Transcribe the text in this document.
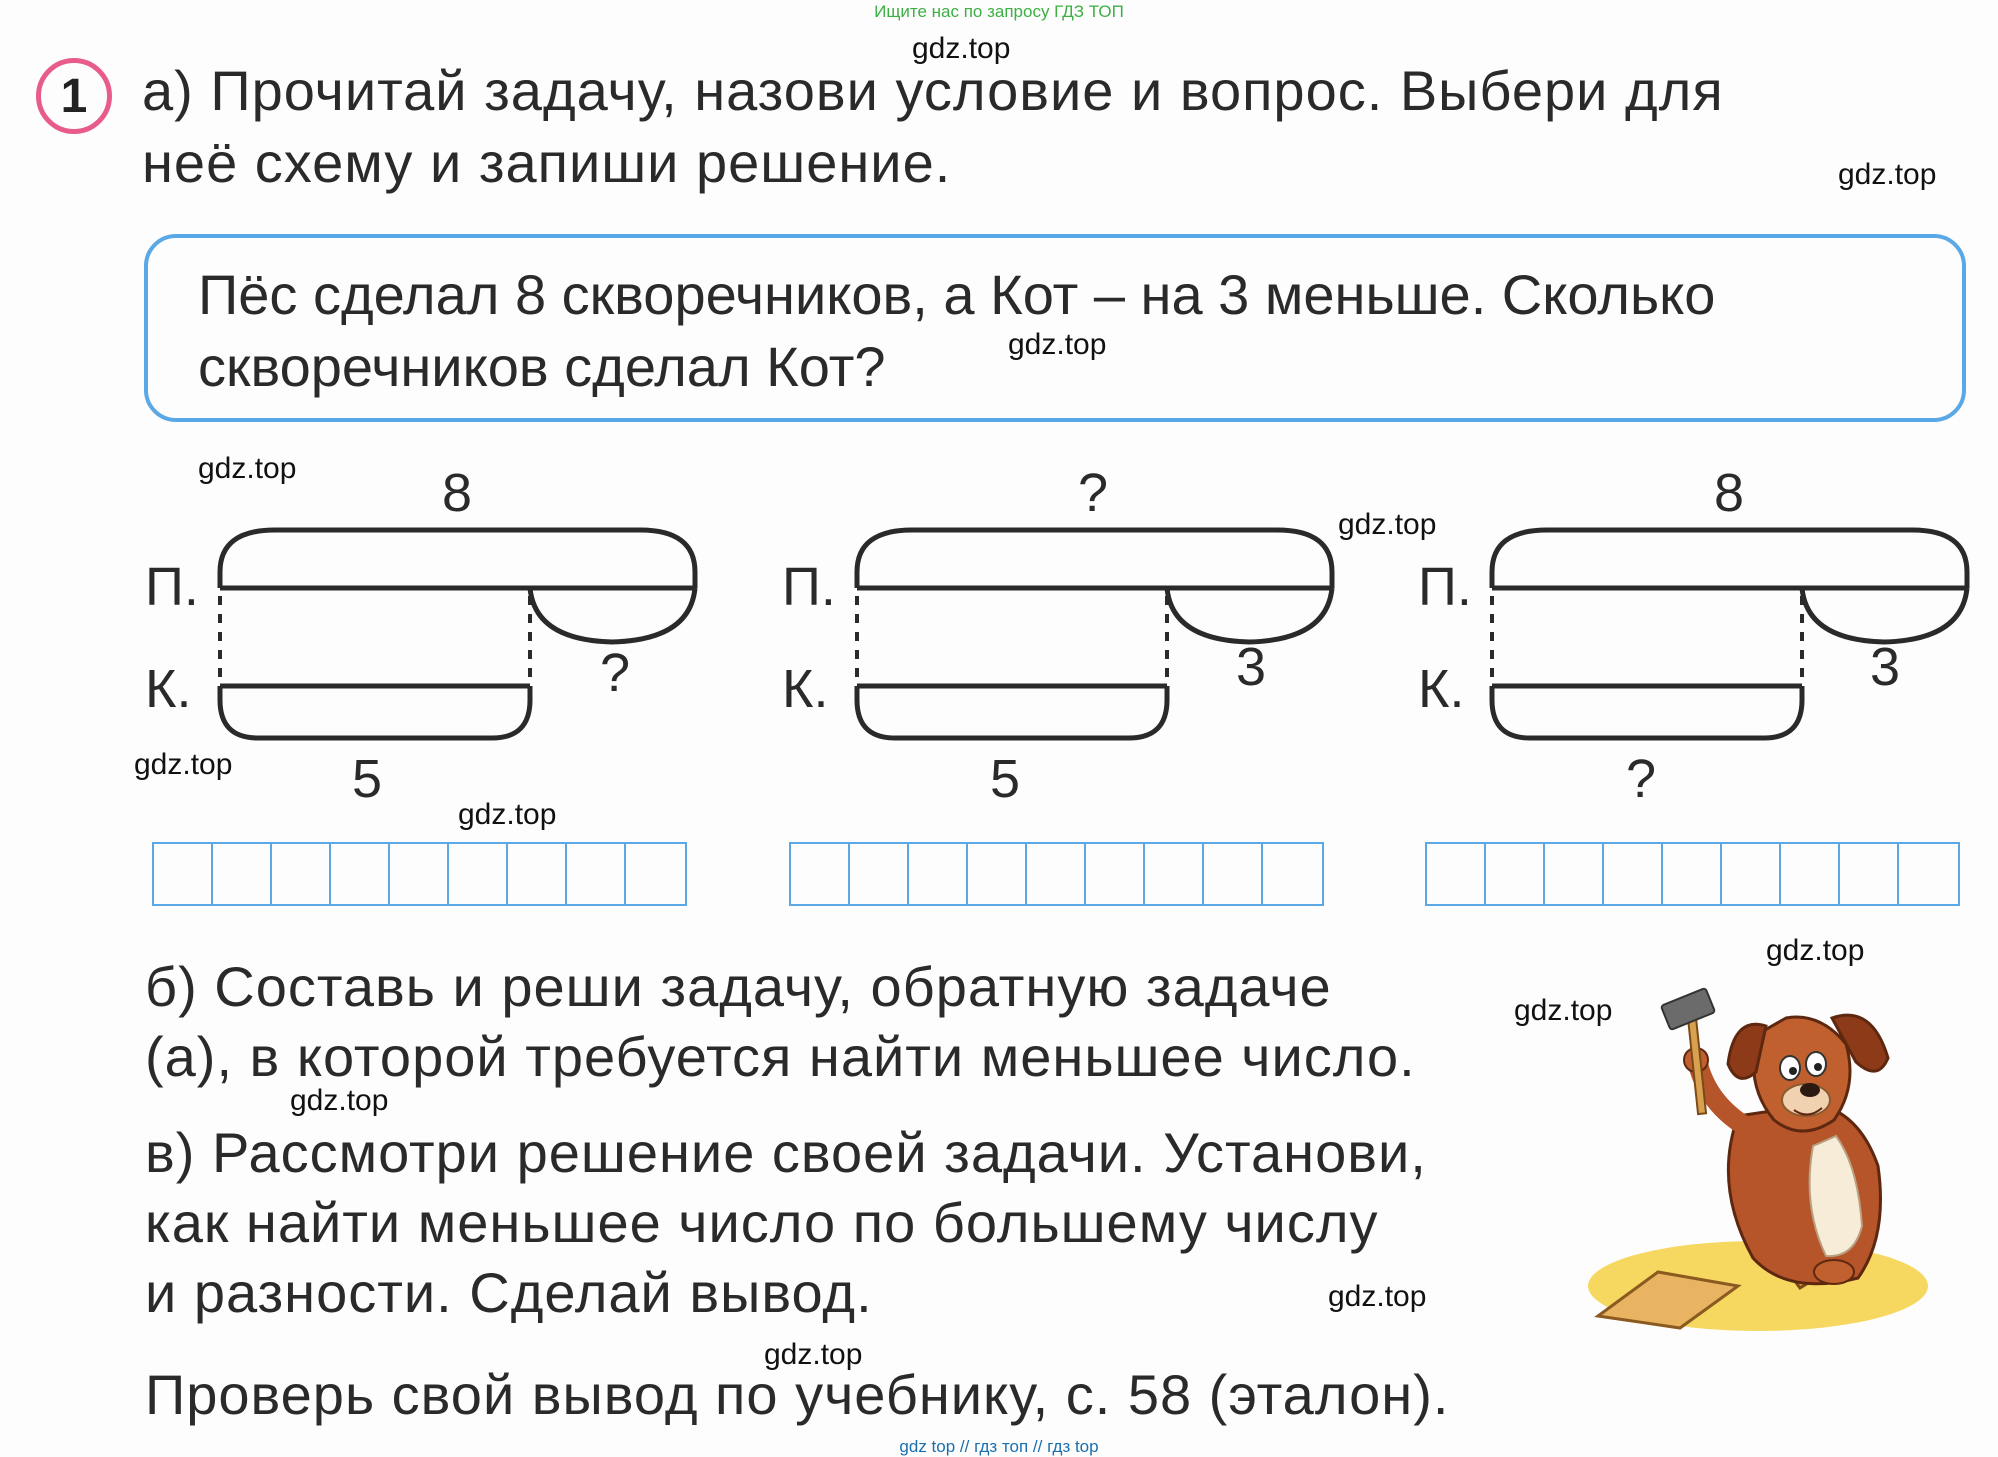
Ищите нас по запросу ГДЗ ТОП
1 а) Прочитай задачу, назови условие и вопрос. Выбери для
неё схему и запиши решение.
Пёс сделал 8 скворечников, а Кот – на 3 меньше. Сколько
скворечников сделал Кот?
8
П.
К.	?
5
?
П.
К.	3
5
8
П.
К.	3
?
б) Составь и реши задачу, обратную задаче
(а), в которой требуется найти меньшее число.
в) Рассмотри решение своей задачи. Установи,
как найти меньшее число по большему числу
и разности. Сделай вывод.
Проверь свой вывод по учебнику, с. 58 (эталон).
gdz.top
gdz.top
gdz.top
gdz.top
gdz.top
gdz.top
gdz.top
gdz.top
gdz.top
gdz.top
gdz.top
gdz.top
gdz top // гдз топ // гдз top
